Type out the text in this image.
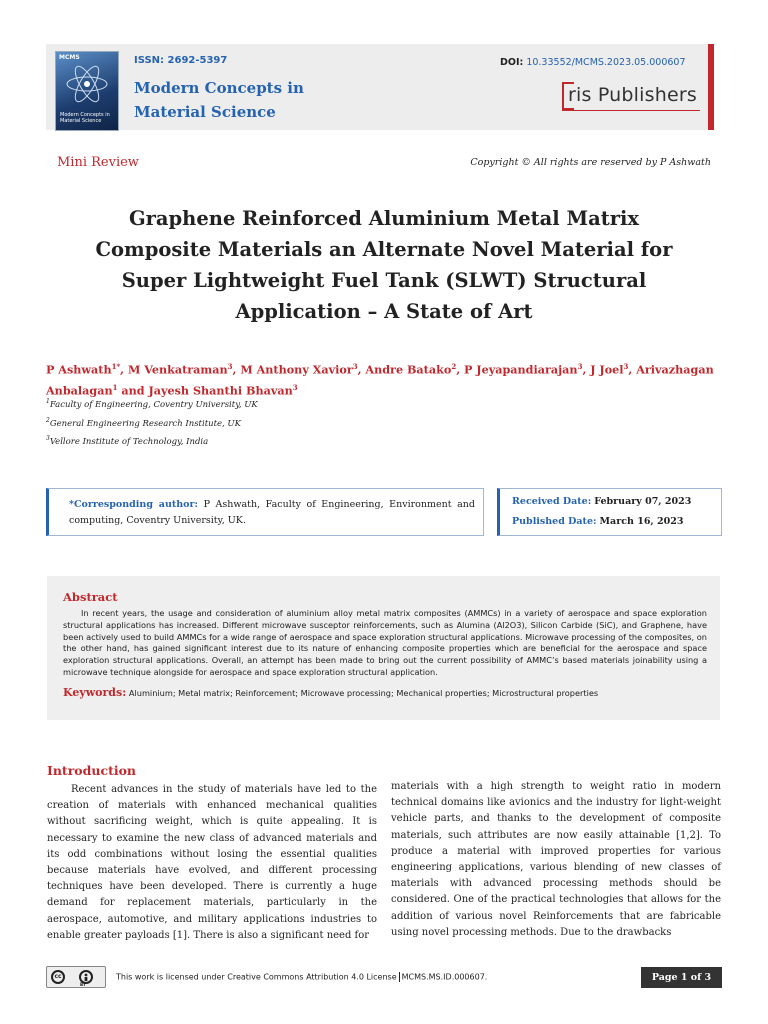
MCMS
Modern Concepts in Material Science
ISSN: 2692-5397
Modern Concepts in
Material Science
DOI: 10.33552/MCMS.2023.05.000607
ris Publishers
Mini Review	Copyright © All rights are reserved by P Ashwath
Graphene Reinforced Aluminium Metal Matrix Composite Materials an Alternate Novel Material for Super Lightweight Fuel Tank (SLWT) Structural Application – A State of Art
P Ashwath$^{1*}$, M Venkatraman$^3$, M Anthony Xavior$^3$, Andre Batako$^2$, P Jeyapandiarajan$^3$, J Joel$^3$, Arivazhagan Anbalagan$^1$ and Jayesh Shanthi Bhavan$^3$
$^1$Faculty of Engineering, Coventry University, UK
$^2$General Engineering Research Institute, UK
$^3$Vellore Institute of Technology, India
*Corresponding author: P Ashwath, Faculty of Engineering, Environment and computing, Coventry University, UK.
Received Date: February 07, 2023
Published Date: March 16, 2023
Abstract
In recent years, the usage and consideration of aluminium alloy metal matrix composites (AMMCs) in a variety of aerospace and space exploration structural applications has increased. Different microwave susceptor reinforcements, such as Alumina (Al2O3), Silicon Carbide (SiC), and Graphene, have been actively used to build AMMCs for a wide range of aerospace and space exploration structural applications. Microwave processing of the composites, on the other hand, has gained significant interest due to its nature of enhancing composite properties which are beneficial for the aerospace and space exploration structural applications. Overall, an attempt has been made to bring out the current possibility of AMMC’s based materials joinability using a microwave technique alongside for aerospace and space exploration structural application.
Keywords: Aluminium; Metal matrix; Reinforcement; Microwave processing; Mechanical properties; Microstructural properties
Introduction
Recent advances in the study of materials have led to the creation of materials with enhanced mechanical qualities without sacrificing weight, which is quite appealing. It is necessary to examine the new class of advanced materials and its odd combinations without losing the essential qualities because materials have evolved, and different processing techniques have been developed. There is currently a huge demand for replacement materials, particularly in the aerospace, automotive, and military applications industries to enable greater payloads [1]. There is also a significant need for
materials with a high strength to weight ratio in modern technical domains like avionics and the industry for light-weight vehicle parts, and thanks to the development of composite materials, such attributes are now easily attainable [1,2]. To produce a material with improved properties for various engineering applications, various blending of new classes of materials with advanced processing methods should be considered. One of the practical technologies that allows for the addition of various novel Reinforcements that are fabricable using novel processing methods. Due to the drawbacks
cc
BY
This work is licensed under Creative Commons Attribution 4.0 License MCMS.MS.ID.000607.	Page 1 of 3
